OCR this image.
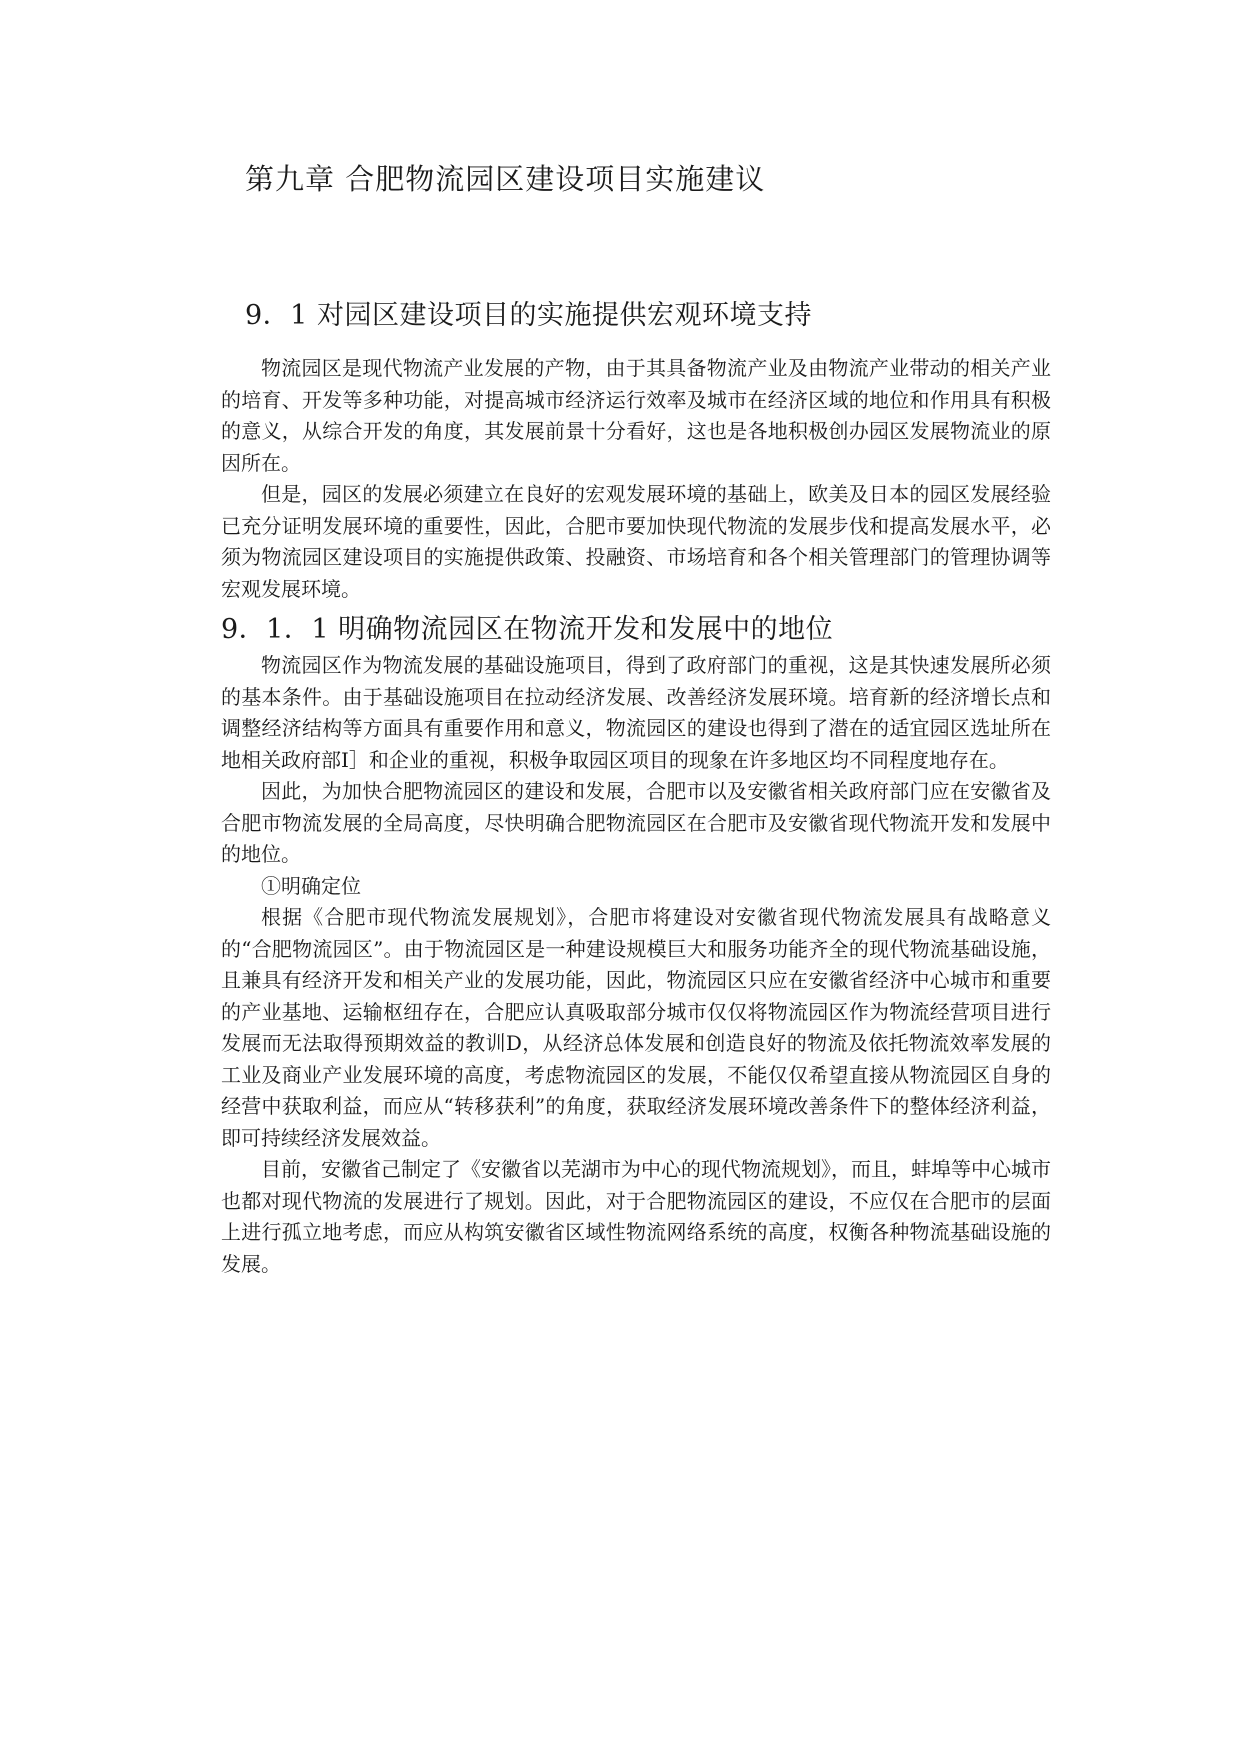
第九章 合肥物流园区建设项目实施建议
9．1 对园区建设项目的实施提供宏观环境支持

物流园区是现代物流产业发展的产物，由于其具备物流产业及由物流产业带动的相关产业的培育、开发等多种功能，对提高城市经济运行效率及城市在经济区域的地位和作用具有积极的意义，从综合开发的角度，其发展前景十分看好，这也是各地积极创办园区发展物流业的原因所在。

但是，园区的发展必须建立在良好的宏观发展环境的基础上，欧美及日本的园区发展经验已充分证明发展环境的重要性，因此，合肥市要加快现代物流的发展步伐和提高发展水平，必须为物流园区建设项目的实施提供政策、投融资、市场培育和各个相关管理部门的管理协调等宏观发展环境。

9．1．1 明确物流园区在物流开发和发展中的地位

物流园区作为物流发展的基础设施项目，得到了政府部门的重视，这是其快速发展所必须的基本条件。由于基础设施项目在拉动经济发展、改善经济发展环境。培育新的经济增长点和调整经济结构等方面具有重要作用和意义，物流园区的建设也得到了潜在的适宜园区选址所在地相关政府部I］和企业的重视，积极争取园区项目的现象在许多地区均不同程度地存在。

因此，为加快合肥物流园区的建设和发展，合肥市以及安徽省相关政府部门应在安徽省及合肥市物流发展的全局高度，尽快明确合肥物流园区在合肥市及安徽省现代物流开发和发展中的地位。

①明确定位

根据《合肥市现代物流发展规划》，合肥市将建设对安徽省现代物流发展具有战略意义的“合肥物流园区”。由于物流园区是一种建设规模巨大和服务功能齐全的现代物流基础设施，且兼具有经济开发和相关产业的发展功能，因此，物流园区只应在安徽省经济中心城市和重要的产业基地、运输枢纽存在，合肥应认真吸取部分城市仅仅将物流园区作为物流经营项目进行发展而无法取得预期效益的教训D，从经济总体发展和创造良好的物流及依托物流效率发展的工业及商业产业发展环境的高度，考虑物流园区的发展，不能仅仅希望直接从物流园区自身的经营中获取利益，而应从“转移获利”的角度，获取经济发展环境改善条件下的整体经济利益，即可持续经济发展效益。

目前，安徽省己制定了《安徽省以芜湖市为中心的现代物流规划》，而且，蚌埠等中心城市也都对现代物流的发展进行了规划。因此，对于合肥物流园区的建设，不应仅在合肥市的层面上进行孤立地考虑，而应从构筑安徽省区域性物流网络系统的高度，权衡各种物流基础设施的发展。
